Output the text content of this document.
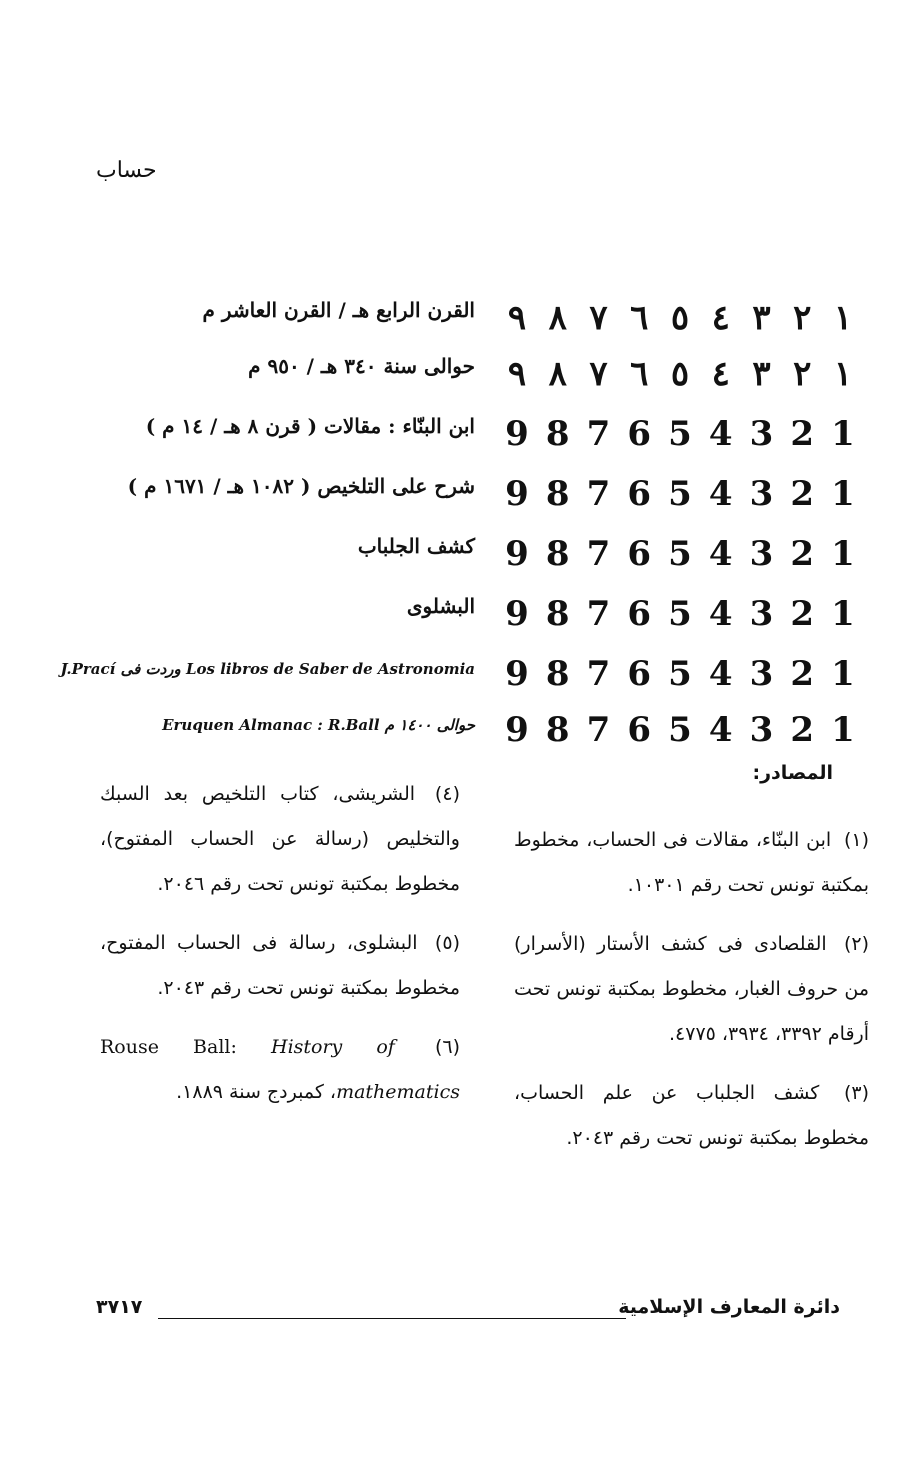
حساب
١
٢
٣
٤
٥
٦
٧
٨
٩
القرن الرابع هـ / القرن العاشر م
١
٢
٣
٤
٥
٦
٧
٨
٩
حوالى سنة ٣٤٠ هـ / ٩٥٠ م
1
2
3
4
5
6
7
8
9
ابن البنّاء : مقالات ( قرن ٨ هـ / ١٤ م )
1
2
3
4
5
6
7
8
9
شرح على التلخيص ( ١٠٨٢ هـ / ١٦٧١ م )
1
2
3
4
5
6
7
8
9
كشف الجلباب
1
2
3
4
5
6
7
8
9
البشلوى
1
2
3
4
5
6
7
8
9
Los libros de Saber de Astronomia وردت فى J.Prací
1
2
3
4
5
6
7
8
9
حوالى ١٤٠٠ م Eruquen Almanac : R.Ball
المصادر:
(١) ابن البنّاء، مقالات فى الحساب، مخطوط بمكتبة تونس تحت رقم ١٠٣٠١.
(٢) القلصادى فى كشف الأستار (الأسرار) من حروف الغبار، مخطوط بمكتبة تونس تحت أرقام ٣٣٩٢، ٣٩٣٤، ٤٧٧٥.
(٣) كشف الجلباب عن علم الحساب، مخطوط بمكتبة تونس تحت رقم ٢٠٤٣.
(٤) الشريشى، كتاب التلخيص بعد السبك والتخليص (رسالة عن الحساب المفتوح)، مخطوط بمكتبة تونس تحت رقم ٢٠٤٦.
(٥) البشلوى، رسالة فى الحساب المفتوح، مخطوط بمكتبة تونس تحت رقم ٢٠٤٣.
(٦) Rouse Ball: History of mathematics، كمبردج سنة ١٨٨٩.
دائرة المعارف الإسلامية
٣٧١٧
